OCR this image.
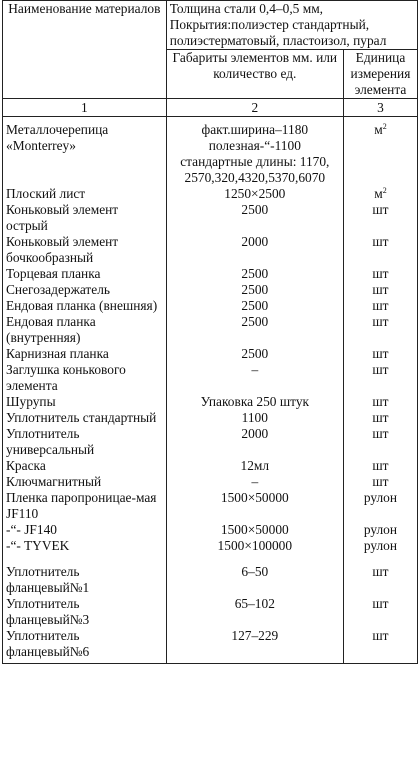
Наименование материалов	Толщина стали 0,4–0,5 мм,
Покрытия:полиэстер стандартный,
полиэстерматовый, пластоизол, пурал	

	Габариты элементов мм. или количество ед.	Единица измерения элемента
1	2	3
Металлочерепица «Monterrey»	факт.ширина–1180
полезная-“-1100
стандартные длины: 1170,
2570,320,4320,5370,6070	$м^2$
Плоский лист	1250×2500	$м^2$
Коньковый элемент острый	2500	шт
Коньковый элемент бочкообразный	2000	шт
Торцевая планка	2500	шт
Снегозадержатель	2500	шт
Ендовая планка (внешняя)	2500	шт
Ендовая планка (внутренняя)	2500	шт
Карнизная планка	2500	шт
Заглушка конькового элемента	–	шт
Шурупы	Упаковка 250 штук	шт
Уплотнитель стандартный	1100	шт
Уплотнитель универсальный	2000	шт
Краска	12мл	шт
Ключмагнитный	–	шт
Пленка паропроницае-мая JF110	1500×50000	рулон
-“- JF140	1500×50000	рулон
-“- TYVEK	1500×100000	рулон
Уплотнитель фланцевый№1	6–50	шт
Уплотнитель фланцевый№3	65–102	шт
Уплотнитель фланцевый№6	127–229	шт
